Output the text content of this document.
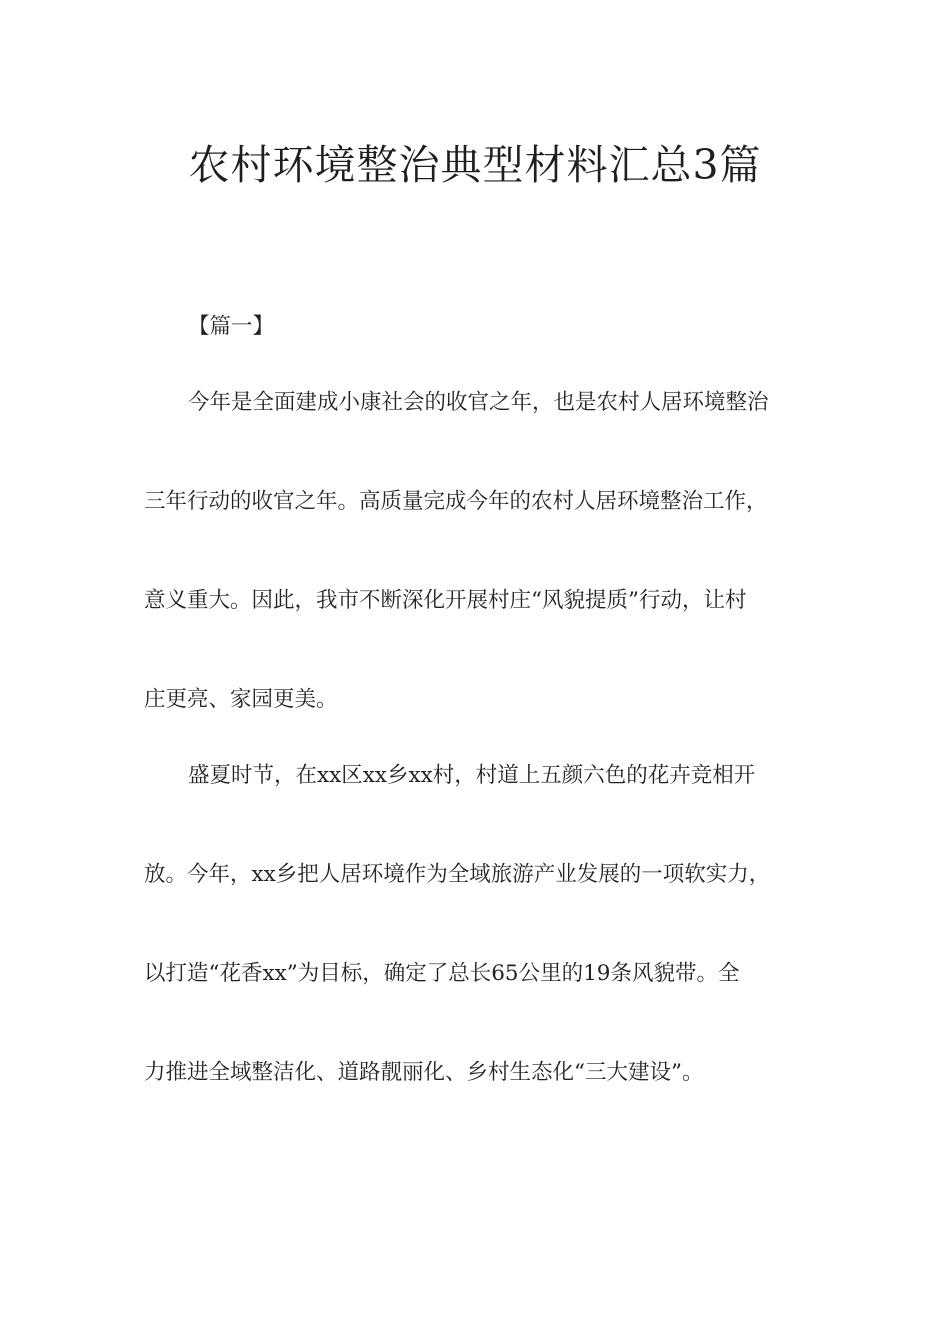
农村环境整治典型材料汇总3篇

【篇一】

今年是全面建成小康社会的收官之年，也是农村人居环境整治

三年行动的收官之年。高质量完成今年的农村人居环境整治工作，

意义重大。因此，我市不断深化开展村庄“风貌提质”行动，让村

庄更亮、家园更美。

盛夏时节，在xx区xx乡xx村，村道上五颜六色的花卉竞相开

放。今年，xx乡把人居环境作为全域旅游产业发展的一项软实力，

以打造“花香xx”为目标，确定了总长65公里的19条风貌带。全

力推进全域整洁化、道路靓丽化、乡村生态化“三大建设”。
